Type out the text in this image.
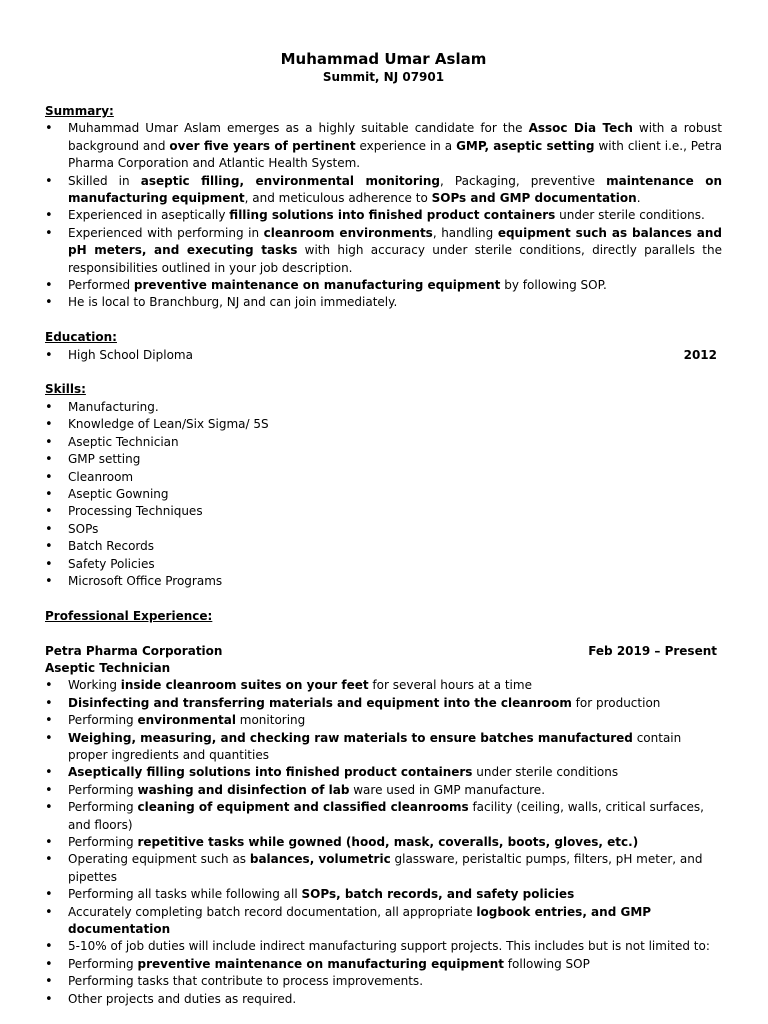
Muhammad Umar Aslam

Summit, NJ 07901

Summary:

• Muhammad Umar Aslam emerges as a highly suitable candidate for the Assoc Dia Tech with a robust background and over five years of pertinent experience in a GMP, aseptic setting with client i.e., Petra Pharma Corporation and Atlantic Health System.
• Skilled in aseptic filling, environmental monitoring, Packaging, preventive maintenance on manufacturing equipment, and meticulous adherence to SOPs and GMP documentation.
• Experienced in aseptically filling solutions into finished product containers under sterile conditions.
• Experienced with performing in cleanroom environments, handling equipment such as balances and pH meters, and executing tasks with high accuracy under sterile conditions, directly parallels the responsibilities outlined in your job description.
• Performed preventive maintenance on manufacturing equipment by following SOP.
• He is local to Branchburg, NJ and can join immediately.

Education:

• High School Diploma	2012

Skills:

• Manufacturing.
• Knowledge of Lean/Six Sigma/ 5S
• Aseptic Technician
• GMP setting
• Cleanroom
• Aseptic Gowning
• Processing Techniques
• SOPs
• Batch Records
• Safety Policies
• Microsoft Office Programs

Professional Experience:

Petra Pharma Corporation	Feb 2019 – Present

Aseptic Technician

• Working inside cleanroom suites on your feet for several hours at a time
• Disinfecting and transferring materials and equipment into the cleanroom for production
• Performing environmental monitoring
• Weighing, measuring, and checking raw materials to ensure batches manufactured contain proper ingredients and quantities
• Aseptically filling solutions into finished product containers under sterile conditions
• Performing washing and disinfection of lab ware used in GMP manufacture.
• Performing cleaning of equipment and classified cleanrooms facility (ceiling, walls, critical surfaces, and floors)
• Performing repetitive tasks while gowned (hood, mask, coveralls, boots, gloves, etc.)
• Operating equipment such as balances, volumetric glassware, peristaltic pumps, filters, pH meter, and pipettes
• Performing all tasks while following all SOPs, batch records, and safety policies
• Accurately completing batch record documentation, all appropriate logbook entries, and GMP documentation
• 5-10% of job duties will include indirect manufacturing support projects. This includes but is not limited to:
• Performing preventive maintenance on manufacturing equipment following SOP
• Performing tasks that contribute to process improvements.
• Other projects and duties as required.
